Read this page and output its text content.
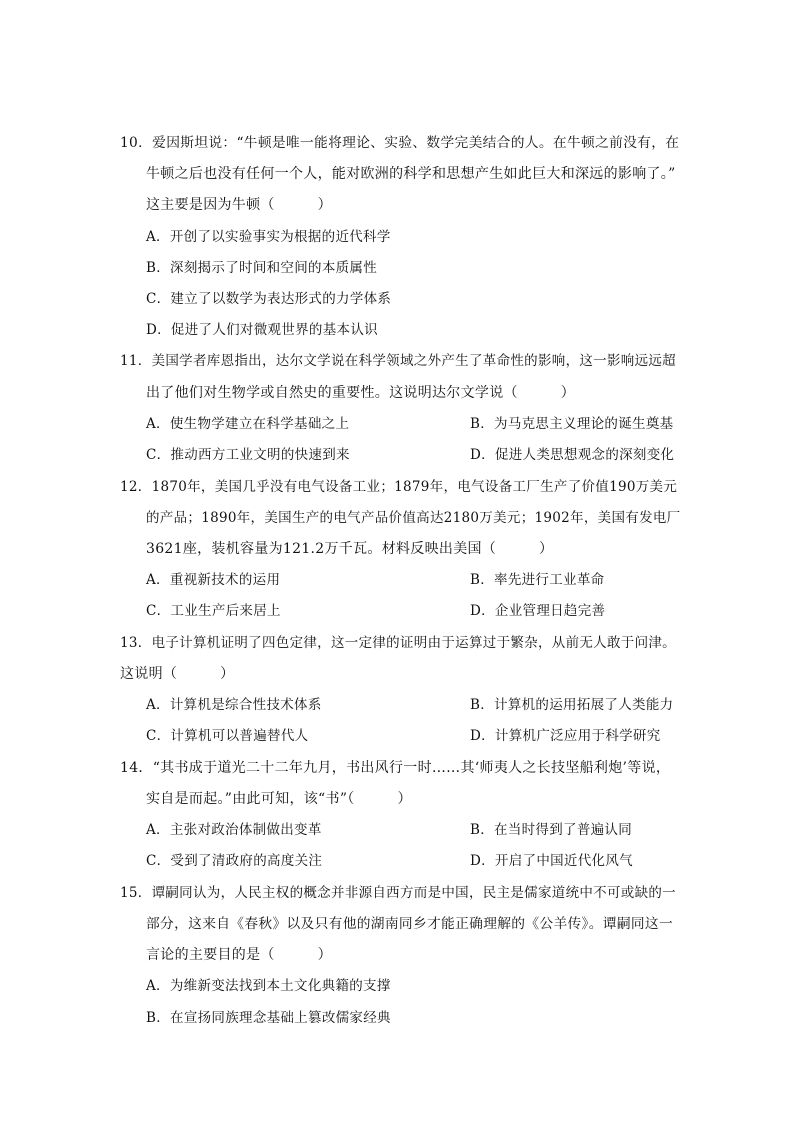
10．爱因斯坦说：“牛顿是唯一能将理论、实验、数学完美结合的人。在牛顿之前没有，在
牛顿之后也没有任何一个人，能对欧洲的科学和思想产生如此巨大和深远的影响了。”
这主要是因为牛顿（　　　）
A．开创了以实验事实为根据的近代科学
B．深刻揭示了时间和空间的本质属性
C．建立了以数学为表达形式的力学体系
D．促进了人们对微观世界的基本认识
11．美国学者库恩指出，达尔文学说在科学领域之外产生了革命性的影响，这一影响远远超
出了他们对生物学或自然史的重要性。这说明达尔文学说（　　　）
A．使生物学建立在科学基础之上	B．为马克思主义理论的诞生奠基
C．推动西方工业文明的快速到来	D．促进人类思想观念的深刻变化
12．1870年，美国几乎没有电气设备工业；1879年，电气设备工厂生产了价值190万美元
的产品；1890年，美国生产的电气产品价值高达2180万美元；1902年，美国有发电厂
3621座，装机容量为121.2万千瓦。材料反映出美国（　　　）
A．重视新技术的运用	B．率先进行工业革命
C．工业生产后来居上	D．企业管理日趋完善
13．电子计算机证明了四色定律，这一定律的证明由于运算过于繁杂，从前无人敢于问津。
这说明（　　　）
A．计算机是综合性技术体系	B．计算机的运用拓展了人类能力
C．计算机可以普遍替代人	D．计算机广泛应用于科学研究
14．“其书成于道光二十二年九月，书出风行一时……其‘师夷人之长技坚船利炮’等说，
实自是而起。”由此可知，该“书”（　　　）
A．主张对政治体制做出变革	B．在当时得到了普遍认同
C．受到了清政府的高度关注	D．开启了中国近代化风气
15．谭嗣同认为，人民主权的概念并非源自西方而是中国，民主是儒家道统中不可或缺的一
部分，这来自《春秋》以及只有他的湖南同乡才能正确理解的《公羊传》。谭嗣同这一
言论的主要目的是（　　　）
A．为维新变法找到本土文化典籍的支撑
B．在宣扬同族理念基础上篡改儒家经典
